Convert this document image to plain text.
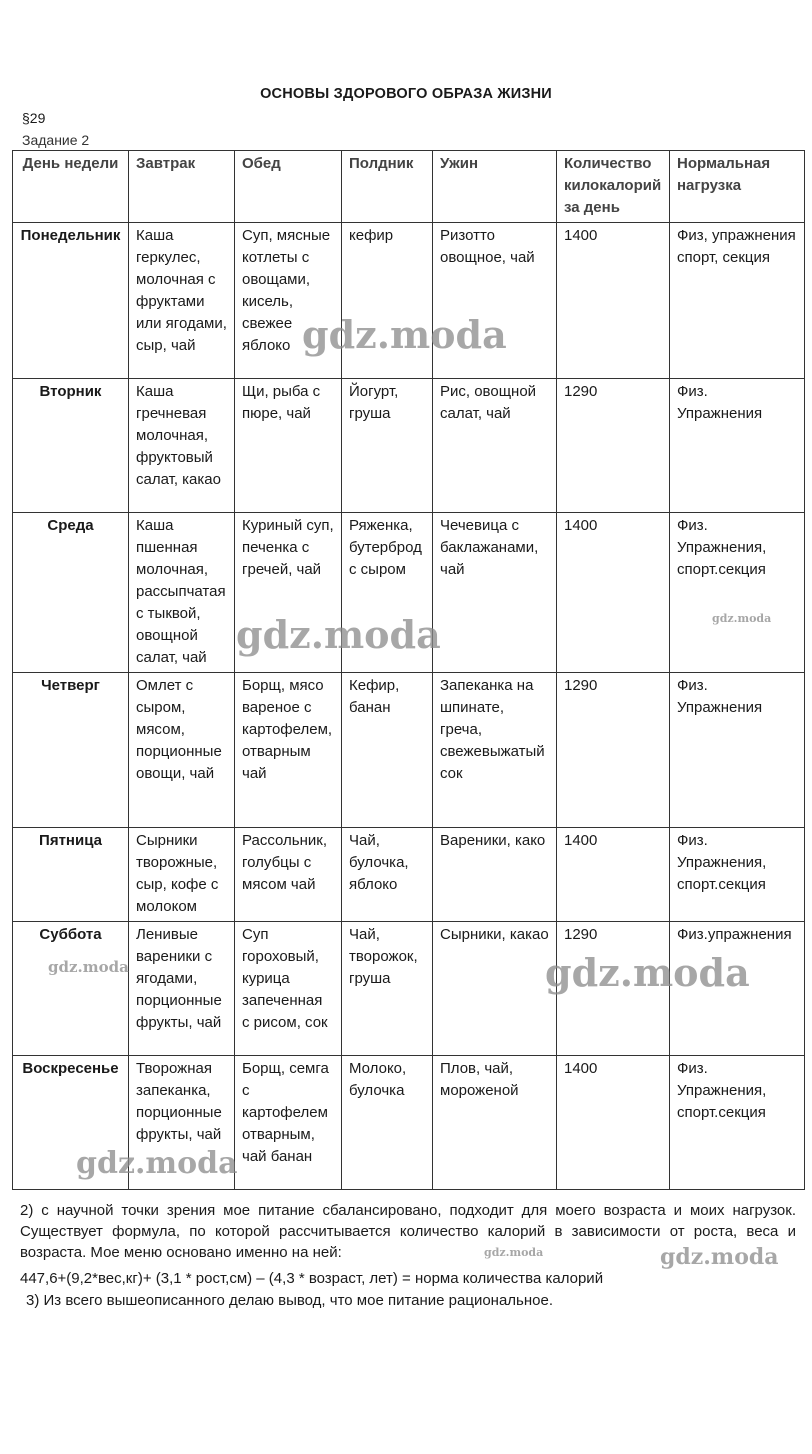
ОСНОВЫ ЗДОРОВОГО ОБРАЗА ЖИЗНИ
§29
Задание 2
День недели	Завтрак	Обед	Полдник	Ужин	Количество килокалорий за день	Нормальная нагрузка
Понедельник	Каша геркулес, молочная с фруктами или ягодами, сыр, чай	Суп, мясные котлеты с овощами, кисель, свежее яблоко	кефир	Ризотто овощное, чай	1400	Физ, упражнения спорт, секция
Вторник	Каша гречневая молочная, фруктовый салат, какао	Щи, рыба с пюре, чай	Йогурт, груша	Рис, овощной салат, чай	1290	Физ. Упражнения
Среда	Каша пшенная молочная, рассыпчатая с тыквой, овощной салат, чай	Куриный суп, печенка с гречей, чай	Ряженка, бутерброд с сыром	Чечевица с баклажанами, чай	1400	Физ. Упражнения, спорт.секция
Четверг	Омлет с сыром, мясом, порционные овощи, чай	Борщ, мясо вареное с картофелем, отварным чай	Кефир, банан	Запеканка на шпинате, греча, свежевыжатый сок	1290	Физ. Упражнения
Пятница	Сырники творожные, сыр, кофе с молоком	Рассольник, голубцы с мясом чай	Чай, булочка, яблоко	Вареники, како	1400	Физ. Упражнения, спорт.секция
Суббота	Ленивые вареники с ягодами, порционные фрукты, чай	Суп гороховый, курица запеченная с рисом, сок	Чай, творожок, груша	Сырники, какао	1290	Физ.упражнения
Воскресенье	Творожная запеканка, порционные фрукты, чай	Борщ, семга с картофелем отварным, чай банан	Молоко, булочка	Плов, чай, мороженой	1400	Физ. Упражнения, спорт.секция
2) с научной точки зрения мое питание сбалансировано, подходит для моего возраста и моих нагрузок. Существует формула, по которой рассчитывается количество калорий в зависимости от роста, веса и возраста. Мое меню основано именно на ней:
447,6+(9,2*вес,кг)+ (3,1 * рост,см) – (4,3 * возраст, лет) = норма количества калорий
3) Из всего вышеописанного делаю вывод, что мое питание рациональное.
gdz.moda
gdz.moda
gdz.moda
gdz.moda
gdz.moda
gdz.moda
gdz.moda
gdz.moda
